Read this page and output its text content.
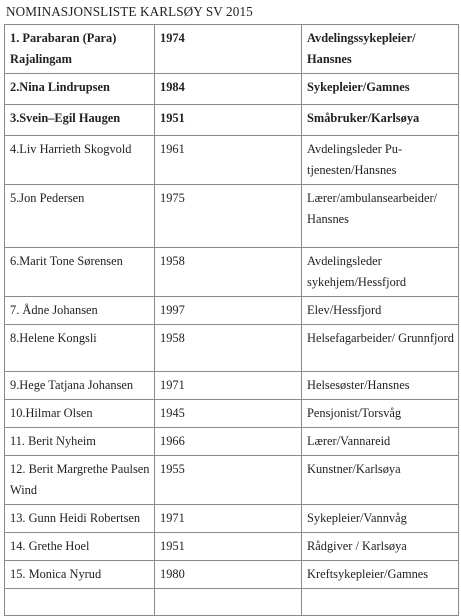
NOMINASJONSLISTE KARLSØY SV 2015
1. Parabaran (Para) Rajalingam	1974	Avdelingssykepleier/ Hansnes
2.Nina Lindrupsen	1984	Sykepleier/Gamnes
3.Svein–Egil Haugen	1951	Småbruker/Karlsøya
4.Liv Harrieth Skogvold	1961	Avdelingsleder Pu-tjenesten/Hansnes
5.Jon Pedersen	1975	Lærer/ambulansearbeider/ Hansnes
6.Marit Tone Sørensen	1958	Avdelingsleder sykehjem/Hessfjord
7. Ådne Johansen	1997	Elev/Hessfjord
8.Helene Kongsli	1958	Helsefagarbeider/ Grunnfjord
9.Hege Tatjana Johansen	1971	Helsesøster/Hansnes
10.Hilmar Olsen	1945	Pensjonist/Torsvåg
11. Berit Nyheim	1966	Lærer/Vannareid
12. Berit Margrethe Paulsen Wind	1955	Kunstner/Karlsøya
13. Gunn Heidi Robertsen	1971	Sykepleier/Vannvåg
14. Grethe Hoel	1951	Rådgiver / Karlsøya
15. Monica Nyrud	1980	Kreftsykepleier/Gamnes
